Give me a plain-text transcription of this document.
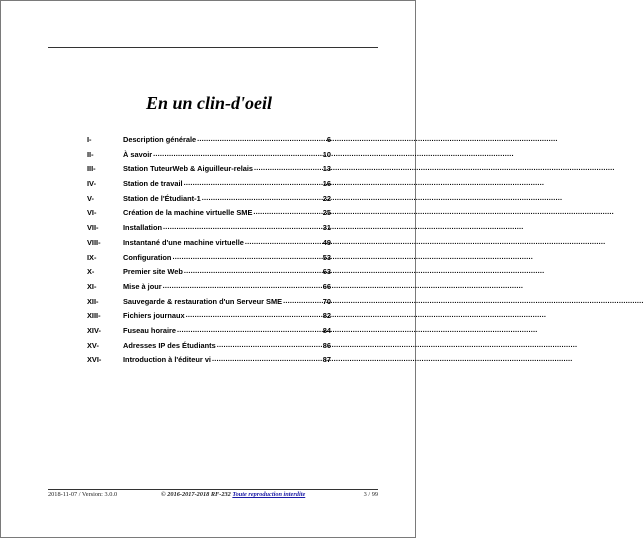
En un clin-d'oeil
I-	Description générale .....	6
II-	À savoir .....	10
III-	Station TuteurWeb & Aiguilleur-relais .....	13
IV-	Station de travail .....	16
V-	Station de l'Étudiant-1 .....	22
VI-	Création de la machine virtuelle SME .....	25
VII-	Installation .....	31
VIII-	Instantané d'une machine virtuelle .....	49
IX-	Configuration .....	53
X-	Premier site Web .....	63
XI-	Mise à jour .....	66
XII-	Sauvegarde & restauration d'un Serveur SME .....	70
XIII-	Fichiers journaux .....	82
XIV-	Fuseau horaire .....	84
XV-	Adresses IP des Étudiants .....	86
XVI-	Introduction à l'éditeur vi .....	87
2018-11-07 / Version: 3.0.0	© 2016-2017-2018 RF-232 Toute reproduction interdite	3 / 99
